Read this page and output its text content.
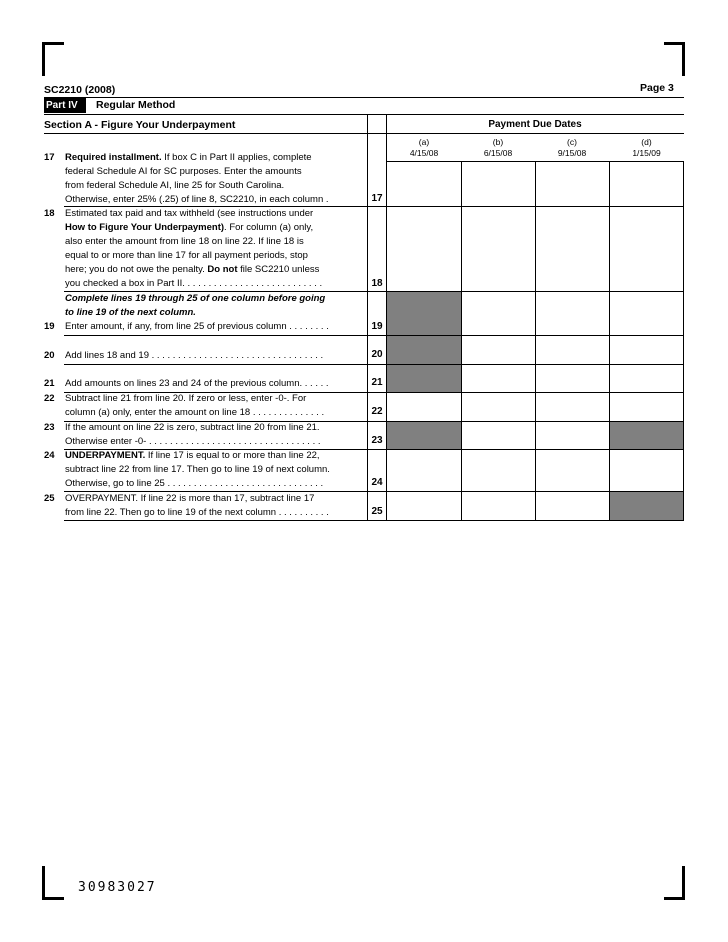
SC2210 (2008)	Page 3
Part IV	Regular Method
Section A - Figure Your Underpayment	Payment Due Dates
(a)
4/15/08
(b)
6/15/08
(c)
9/15/08
(d)
1/15/09
17 Required installment. If box C in Part II applies, complete
federal Schedule AI for SC purposes. Enter the amounts
from federal Schedule AI, line 25 for South Carolina.
Otherwise, enter 25% (.25) of line 8, SC2210, in each column .	17
18 Estimated tax paid and tax withheld (see instructions under
How to Figure Your Underpayment). For column (a) only,
also enter the amount from line 18 on line 22. If line 18 is
equal to or more than line 17 for all payment periods, stop
here; you do not owe the penalty. Do not file SC2210 unless
you checked a box in Part II. . . . . . . . . . . . . . . . . . . . . . . . . . .	18
Complete lines 19 through 25 of one column before going
to line 19 of the next column.
19 Enter amount, if any, from line 25 of previous column . . . . . . . .	19
20 Add lines 18 and 19 . . . . . . . . . . . . . . . . . . . . . . . . . . . . . . . . .	20
21 Add amounts on lines 23 and 24 of the previous column. . . . . .	21
22 Subtract line 21 from line 20. If zero or less, enter -0-. For
column (a) only, enter the amount on line 18 . . . . . . . . . . . . . .	22
23 If the amount on line 22 is zero, subtract line 20 from line 21.
Otherwise enter -0- . . . . . . . . . . . . . . . . . . . . . . . . . . . . . . . . .	23
24 UNDERPAYMENT. If line 17 is equal to or more than line 22,
subtract line 22 from line 17. Then go to line 19 of next column.
Otherwise, go to line 25 . . . . . . . . . . . . . . . . . . . . . . . . . . . . . .	24
25 OVERPAYMENT. If line 22 is more than 17, subtract line 17
from line 22. Then go to line 19 of the next column . . . . . . . . . .	25
30983027
